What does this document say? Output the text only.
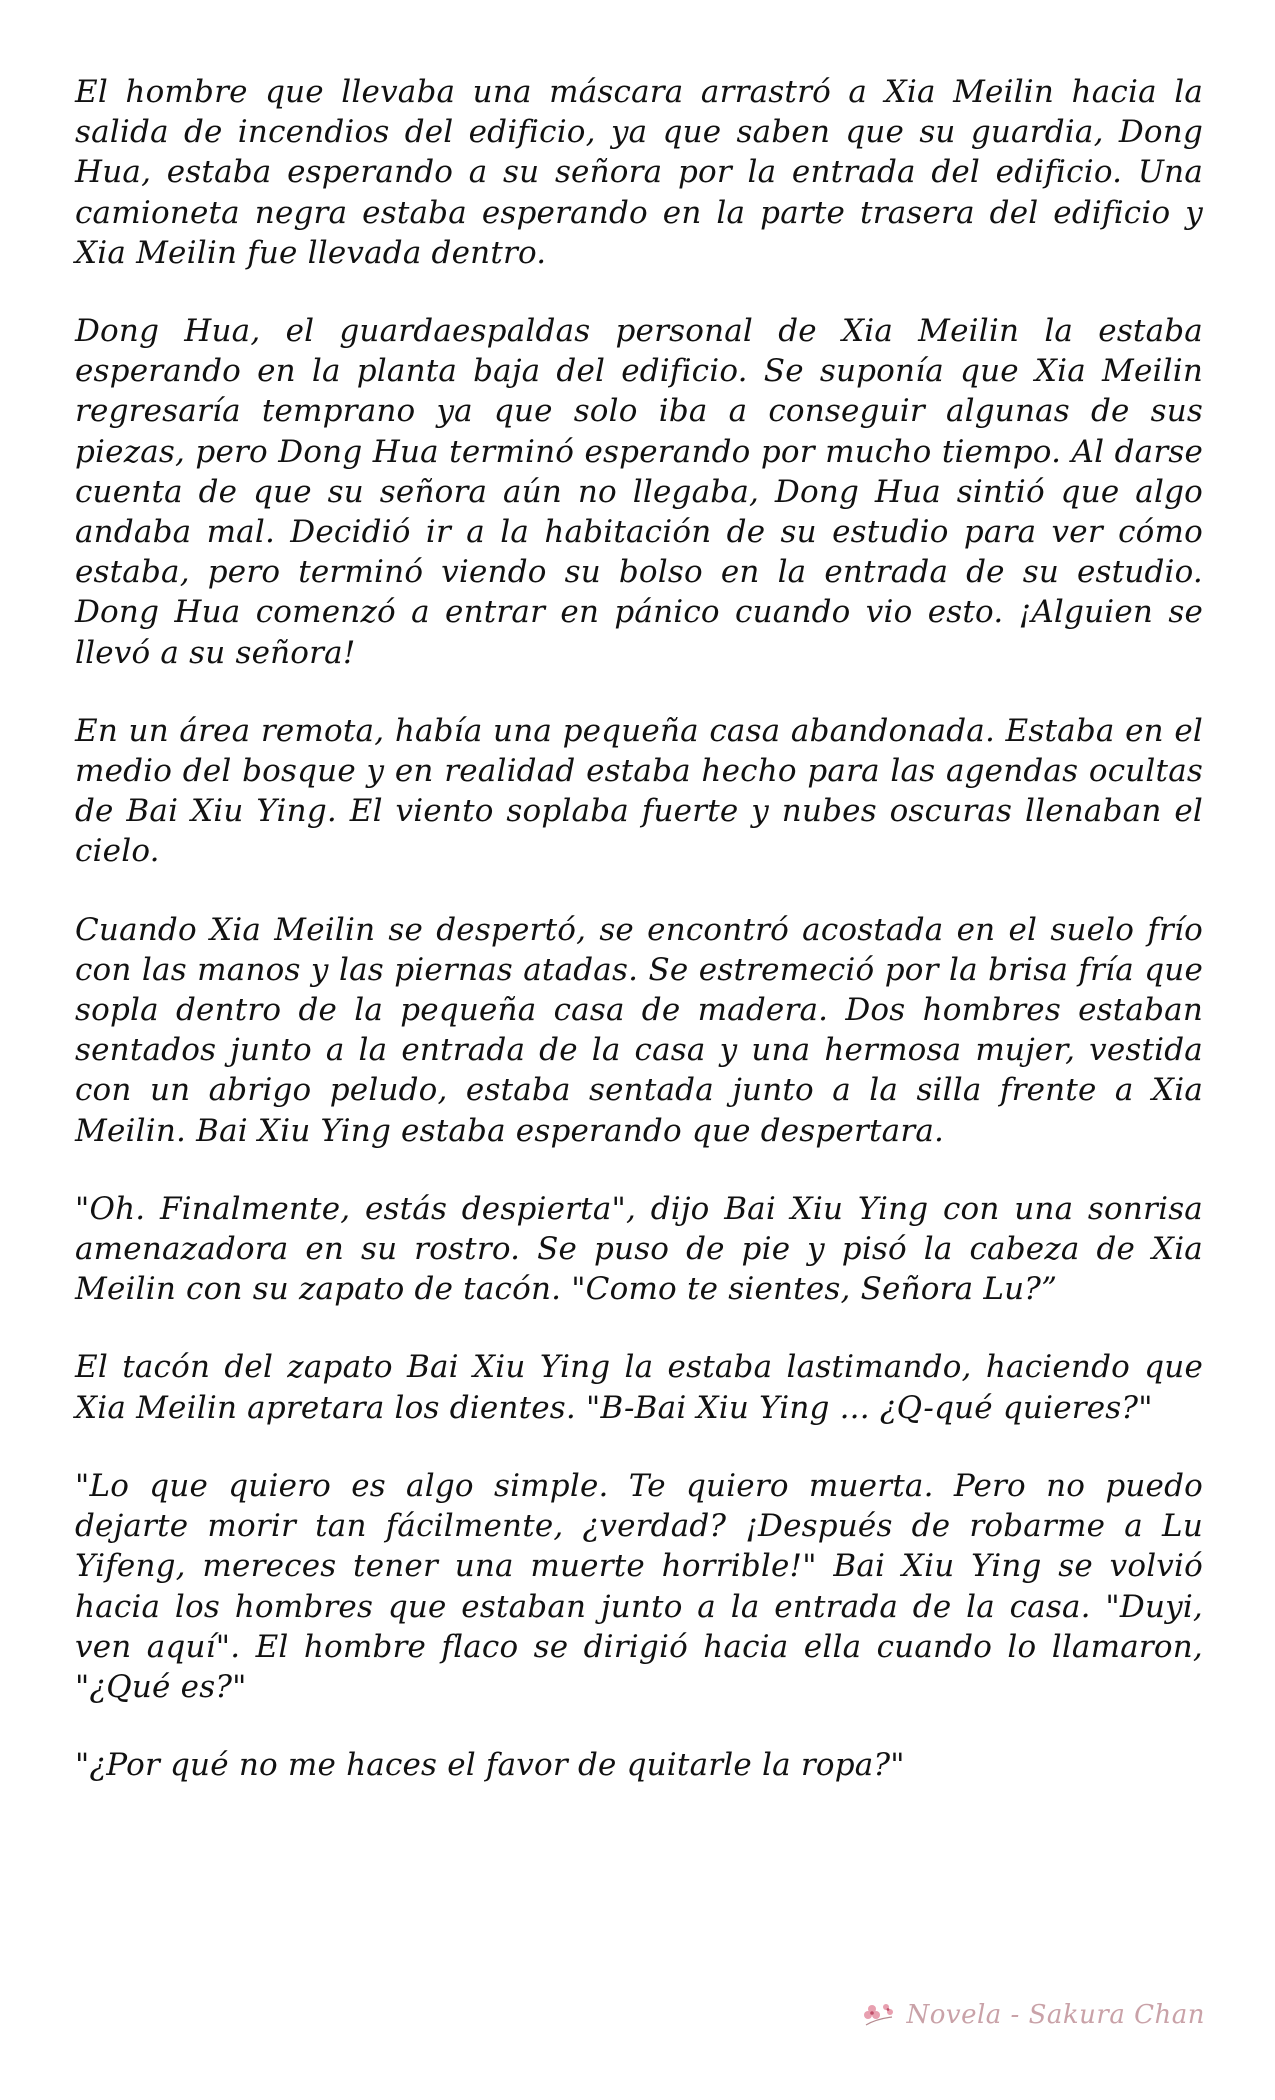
El hombre que llevaba una máscara arrastró a Xia Meilin hacia la salida de incendios del edificio, ya que saben que su guardia, Dong Hua, estaba esperando a su señora por la entrada del edificio. Una camioneta negra estaba esperando en la parte trasera del edificio y Xia Meilin fue llevada dentro.

Dong Hua, el guardaespaldas personal de Xia Meilin la estaba esperando en la planta baja del edificio. Se suponía que Xia Meilin regresaría temprano ya que solo iba a conseguir algunas de sus piezas, pero Dong Hua terminó esperando por mucho tiempo. Al darse cuenta de que su señora aún no llegaba, Dong Hua sintió que algo andaba mal. Decidió ir a la habitación de su estudio para ver cómo estaba, pero terminó viendo su bolso en la entrada de su estudio. Dong Hua comenzó a entrar en pánico cuando vio esto. ¡Alguien se llevó a su señora!

En un área remota, había una pequeña casa abandonada. Estaba en el medio del bosque y en realidad estaba hecho para las agendas ocultas de Bai Xiu Ying. El viento soplaba fuerte y nubes oscuras llenaban el cielo.

Cuando Xia Meilin se despertó, se encontró acostada en el suelo frío con las manos y las piernas atadas. Se estremeció por la brisa fría que sopla dentro de la pequeña casa de madera. Dos hombres estaban sentados junto a la entrada de la casa y una hermosa mujer, vestida con un abrigo peludo, estaba sentada junto a la silla frente a Xia Meilin. Bai Xiu Ying estaba esperando que despertara.

"Oh. Finalmente, estás despierta", dijo Bai Xiu Ying con una sonrisa amenazadora en su rostro. Se puso de pie y pisó la cabeza de Xia Meilin con su zapato de tacón. "Como te sientes, Señora Lu?”

El tacón del zapato Bai Xiu Ying la estaba lastimando, haciendo que Xia Meilin apretara los dientes. "B-Bai Xiu Ying ... ¿Q-qué quieres?"

"Lo que quiero es algo simple. Te quiero muerta. Pero no puedo dejarte morir tan fácilmente, ¿verdad? ¡Después de robarme a Lu Yifeng, mereces tener una muerte horrible!" Bai Xiu Ying se volvió hacia los hombres que estaban junto a la entrada de la casa. "Duyi, ven aquí". El hombre flaco se dirigió hacia ella cuando lo llamaron, "¿Qué es?"

"¿Por qué no me haces el favor de quitarle la ropa?"

Novela - Sakura Chan
